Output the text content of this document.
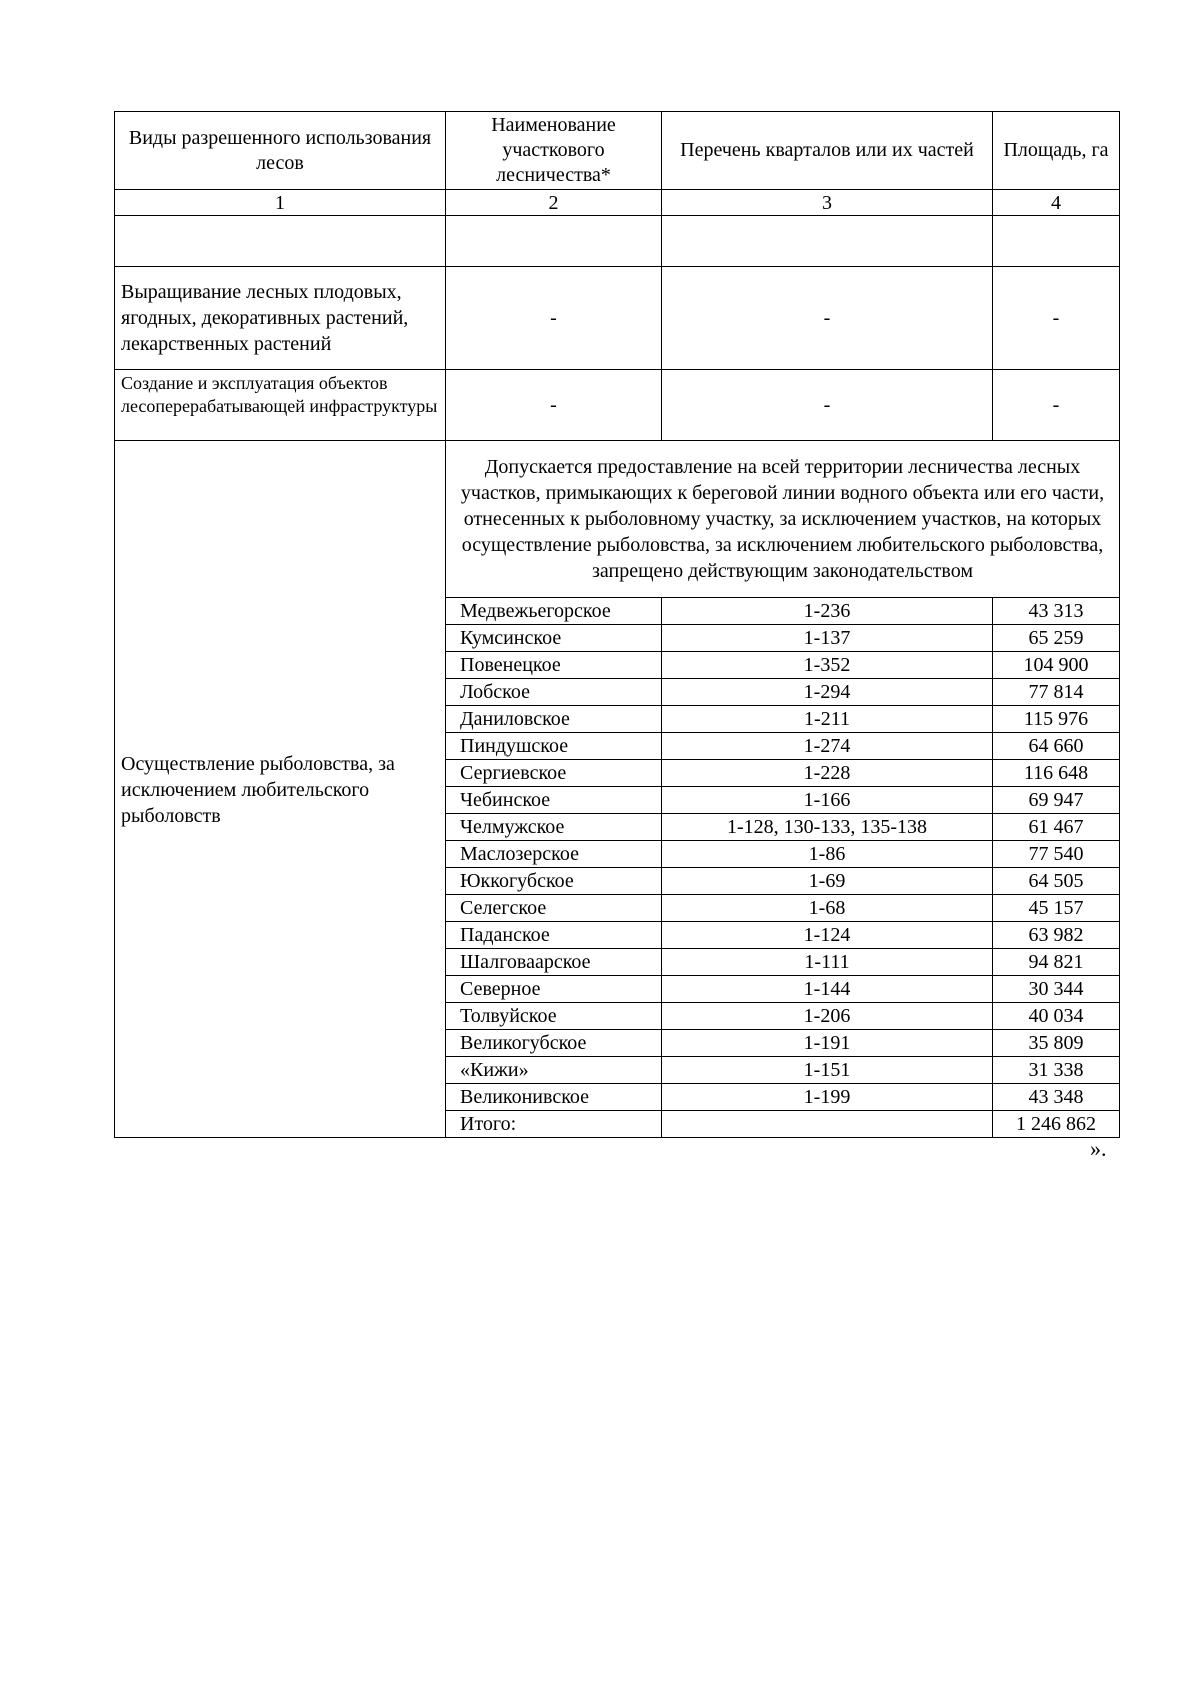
Виды разрешенного использования лесов	Наименование участкового лесничества*	Перечень кварталов или их частей	Площадь, га
1	2	3	4

Выращивание лесных плодовых, ягодных, декоративных растений, лекарственных растений	-	-	-
Создание и эксплуатация объектов лесоперерабатывающей инфраструктуры	-	-	-
Осуществление рыболовства, за исключением любительского рыболовств	Допускается предоставление на всей территории лесничества лесных участков, примыкающих к береговой линии водного объекта или его части, отнесенных к рыболовному участку, за исключением участков, на которых осуществление рыболовства, за исключением любительского рыболовства, запрещено действующим законодательством		
	Медвежьегорское	1-236	43 313
	Кумсинское	1-137	65 259
	Повенецкое	1-352	104 900
	Лобское	1-294	77 814
	Даниловское	1-211	115 976
	Пиндушское	1-274	64 660
	Сергиевское	1-228	116 648
	Чебинское	1-166	69 947
	Челмужское	1-128, 130-133, 135-138	61 467
	Маслозерское	1-86	77 540
	Юккогубское	1-69	64 505
	Селегское	1-68	45 157
	Паданское	1-124	63 982
	Шалговаарское	1-111	94 821
	Северное	1-144	30 344
	Толвуйское	1-206	40 034
	Великогубское	1-191	35 809
	«Кижи»	1-151	31 338
	Великонивское	1-199	43 348
	Итого:		1 246 862
».
